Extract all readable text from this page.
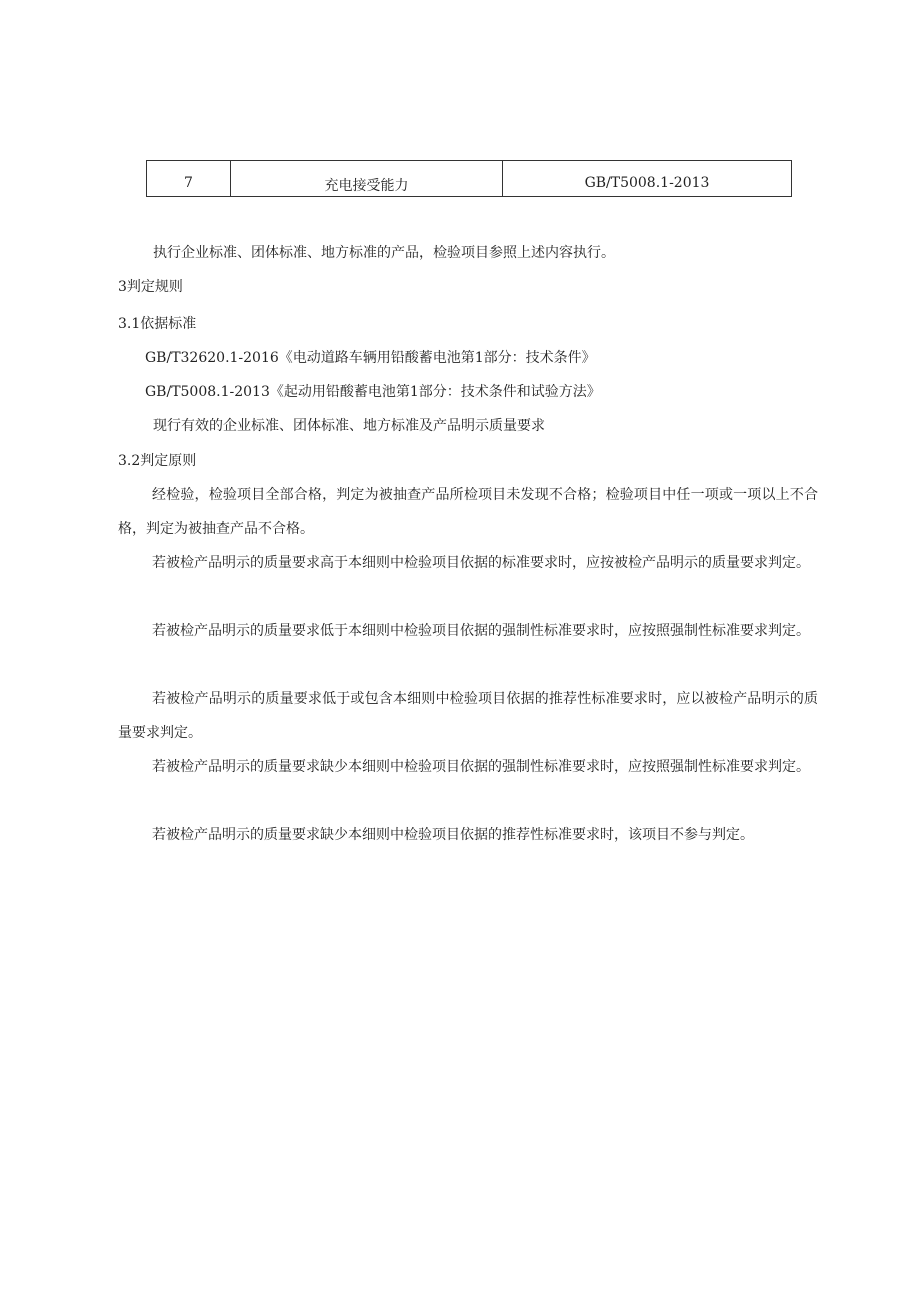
7	充电接受能力	GB/T5008.1-2013
执行企业标准、团体标准、地方标准的产品，检验项目参照上述内容执行。
3判定规则
3.1依据标准
GB/T32620.1-2016《电动道路车辆用铅酸蓄电池第1部分：技术条件》
GB/T5008.1-2013《起动用铅酸蓄电池第1部分：技术条件和试验方法》
现行有效的企业标准、团体标准、地方标准及产品明示质量要求
3.2判定原则
经检验，检验项目全部合格，判定为被抽查产品所检项目未发现不合格；检验项目中任一项或一项以上不合格，判定为被抽查产品不合格。
若被检产品明示的质量要求高于本细则中检验项目依据的标准要求时，应按被检产品明示的质量要求判定。
若被检产品明示的质量要求低于本细则中检验项目依据的强制性标准要求时，应按照强制性标准要求判定。
若被检产品明示的质量要求低于或包含本细则中检验项目依据的推荐性标准要求时，应以被检产品明示的质量要求判定。
若被检产品明示的质量要求缺少本细则中检验项目依据的强制性标准要求时，应按照强制性标准要求判定。
若被检产品明示的质量要求缺少本细则中检验项目依据的推荐性标准要求时，该项目不参与判定。
